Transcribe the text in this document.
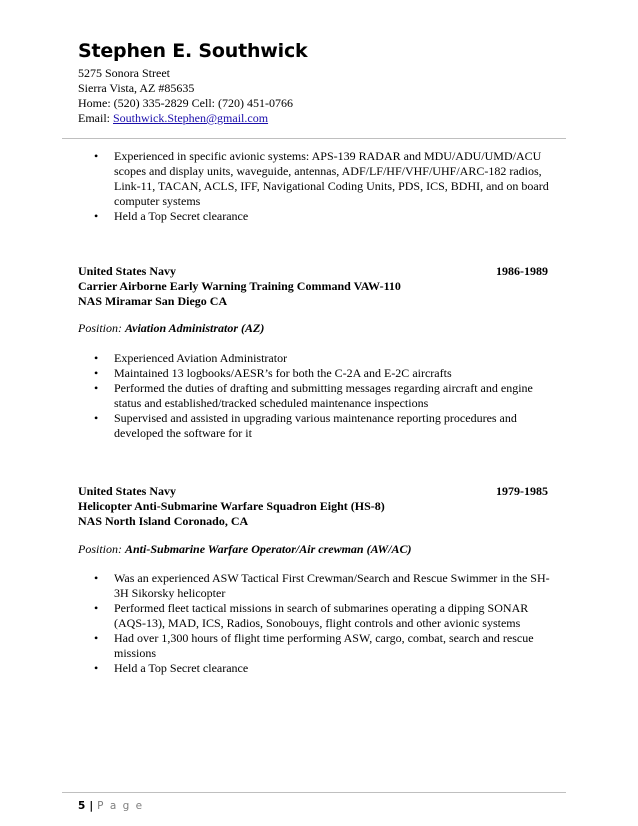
Stephen E. Southwick
5275 Sonora Street
Sierra Vista, AZ #85635
Home: (520) 335-2829 Cell: (720) 451-0766
Email: Southwick.Stephen@gmail.com
• Experienced in specific avionic systems: APS-139 RADAR and MDU/ADU/UMD/ACU scopes and display units, waveguide, antennas, ADF/LF/HF/VHF/UHF/ARC-182 radios, Link-11, TACAN, ACLS, IFF, Navigational Coding Units, PDS, ICS, BDHI, and on board computer systems
• Held a Top Secret clearance
United States Navy	1986-1989
Carrier Airborne Early Warning Training Command VAW-110
NAS Miramar San Diego CA
Position: Aviation Administrator (AZ)
• Experienced Aviation Administrator
• Maintained 13 logbooks/AESR’s for both the C-2A and E-2C aircrafts
• Performed the duties of drafting and submitting messages regarding aircraft and engine status and established/tracked scheduled maintenance inspections
• Supervised and assisted in upgrading various maintenance reporting procedures and developed the software for it
United States Navy	1979-1985
Helicopter Anti-Submarine Warfare Squadron Eight (HS-8)
NAS North Island Coronado, CA
Position: Anti-Submarine Warfare Operator/Air crewman (AW/AC)
• Was an experienced ASW Tactical First Crewman/Search and Rescue Swimmer in the SH-3H Sikorsky helicopter
• Performed fleet tactical missions in search of submarines operating a dipping SONAR (AQS-13), MAD, ICS, Radios, Sonobouys, flight controls and other avionic systems
• Had over 1,300 hours of flight time performing ASW, cargo, combat, search and rescue missions
• Held a Top Secret clearance
5 | P a g e
